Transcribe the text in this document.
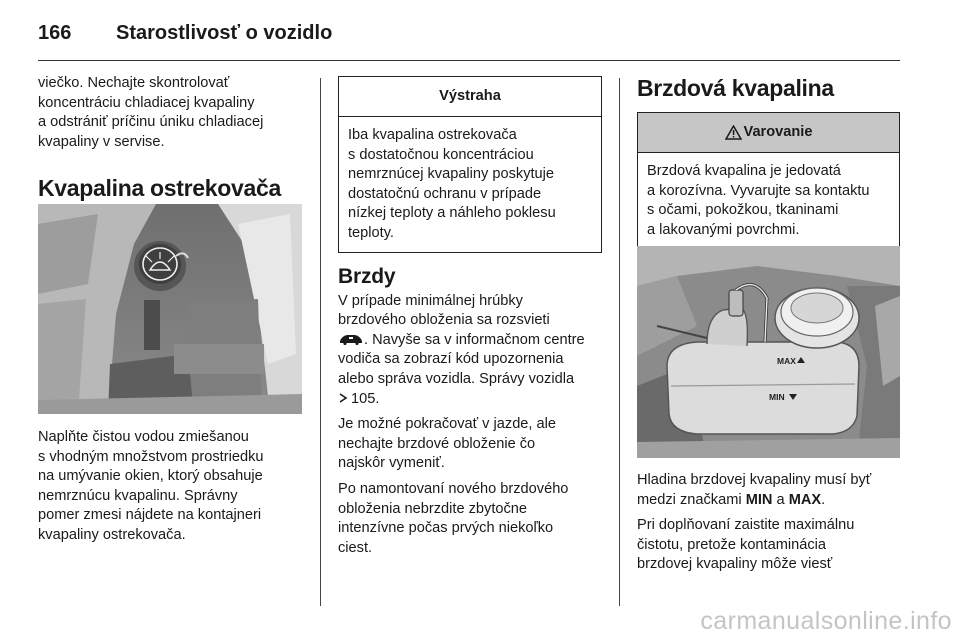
166	Starostlivosť o vozidlo
viečko. Nechajte skontrolovať
koncentráciu chladiacej kvapaliny
a odstrániť príčinu úniku chladiacej
kvapaliny v servise.
Kvapalina ostrekovača
Naplňte čistou vodou zmiešanou
s vhodným množstvom prostriedku
na umývanie okien, ktorý obsahuje
nemrznúcu kvapalinu. Správny
pomer zmesi nájdete na kontajneri
kvapaliny ostrekovača.
Výstraha
Iba kvapalina ostrekovača
s dostatočnou koncentráciou
nemrznúcej kvapaliny poskytuje
dostatočnú ochranu v prípade
nízkej teploty a náhleho poklesu
teploty.
Brzdy
V prípade minimálnej hrúbky
brzdového obloženia sa rozsvieti
. Navyše sa v informačnom centre
vodiča sa zobrazí kód upozornenia
alebo správa vozidla. Správy vozidla
105.
Je možné pokračovať v jazde, ale
nechajte brzdové obloženie čo
najskôr vymeniť.
Po namontovaní nového brzdového
obloženia nebrzdite zbytočne
intenzívne počas prvých niekoľko
ciest.
Brzdová kvapalina
Varovanie
Brzdová kvapalina je jedovatá
a korozívna. Vyvarujte sa kontaktu
s očami, pokožkou, tkaninami
a lakovanými povrchmi.
MAX
MIN
Hladina brzdovej kvapaliny musí byť
medzi značkami MIN a MAX.
Pri doplňovaní zaistite maximálnu
čistotu, pretože kontaminácia
brzdovej kvapaliny môže viesť
carmanualsonline.info
